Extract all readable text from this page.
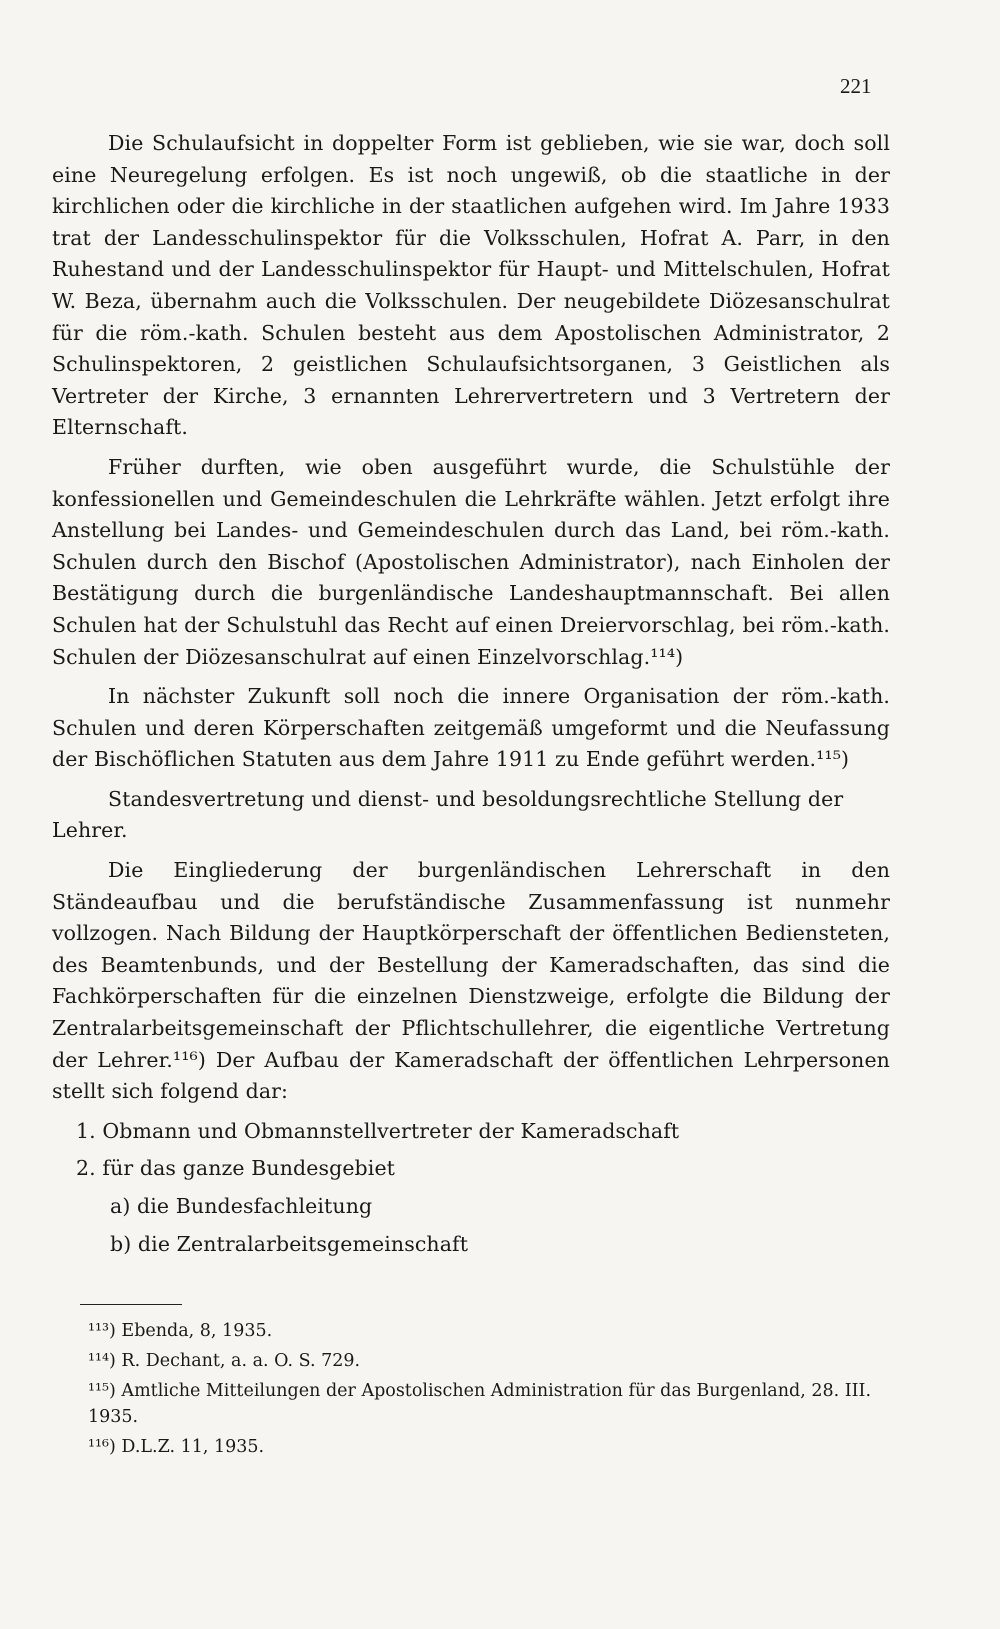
221

Die Schulaufsicht in doppelter Form ist geblieben, wie sie war, doch soll eine Neuregelung erfolgen. Es ist noch ungewiß, ob die staatliche in der kirchlichen oder die kirchliche in der staatlichen aufgehen wird. Im Jahre 1933 trat der Landesschulinspektor für die Volksschulen, Hofrat A. Parr, in den Ruhestand und der Landesschulinspektor für Haupt- und Mittelschulen, Hofrat W. Beza, übernahm auch die Volksschulen. Der neugebildete Diözesanschulrat für die röm.-kath. Schulen besteht aus dem Apostolischen Administrator, 2 Schulinspektoren, 2 geistlichen Schulaufsichtsorganen, 3 Geistlichen als Vertreter der Kirche, 3 ernannten Lehrervertretern und 3 Vertretern der Elternschaft.

Früher durften, wie oben ausgeführt wurde, die Schulstühle der konfessionellen und Gemeindeschulen die Lehrkräfte wählen. Jetzt erfolgt ihre Anstellung bei Landes- und Gemeindeschulen durch das Land, bei röm.-kath. Schulen durch den Bischof (Apostolischen Administrator), nach Einholen der Bestätigung durch die burgenländische Landeshauptmannschaft. Bei allen Schulen hat der Schulstuhl das Recht auf einen Dreiervorschlag, bei röm.-kath. Schulen der Diözesanschulrat auf einen Einzelvorschlag.¹¹⁴)

In nächster Zukunft soll noch die innere Organisation der röm.-kath. Schulen und deren Körperschaften zeitgemäß umgeformt und die Neufassung der Bischöflichen Statuten aus dem Jahre 1911 zu Ende geführt werden.¹¹⁵)

Standesvertretung und dienst- und besoldungsrechtliche Stellung der Lehrer.

Die Eingliederung der burgenländischen Lehrerschaft in den Ständeaufbau und die berufständische Zusammenfassung ist nunmehr vollzogen. Nach Bildung der Hauptkörperschaft der öffentlichen Bediensteten, des Beamtenbunds, und der Bestellung der Kameradschaften, das sind die Fachkörperschaften für die einzelnen Dienstzweige, erfolgte die Bildung der Zentralarbeitsgemeinschaft der Pflichtschullehrer, die eigentliche Vertretung der Lehrer.¹¹⁶) Der Aufbau der Kameradschaft der öffentlichen Lehrpersonen stellt sich folgend dar:

1. Obmann und Obmannstellvertreter der Kameradschaft
2. für das ganze Bundesgebiet
a) die Bundesfachleitung
b) die Zentralarbeitsgemeinschaft
¹¹³) Ebenda, 8, 1935.
¹¹⁴) R. Dechant, a. a. O. S. 729.
¹¹⁵) Amtliche Mitteilungen der Apostolischen Administration für das Burgenland, 28. III. 1935.
¹¹⁶) D.L.Z. 11, 1935.
